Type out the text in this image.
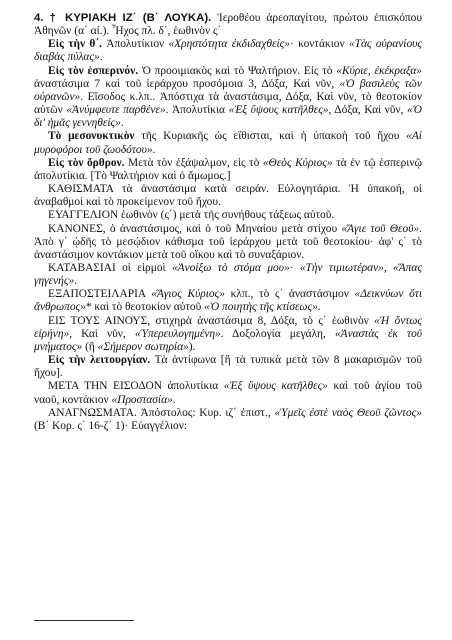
4. † ΚΥΡΙΑΚΗ ΙΖ΄ (Β΄ ΛΟΥΚΑ). Ἱεροθέου ἀρεοπαγίτου, πρώτου ἐπισκόπου Ἀθηνῶν (α΄ αἰ.). Ἦχος πλ. δ΄, ἑωθινὸν ς΄

Εἰς τὴν θ΄. Ἀπολυτίκιον «Χρηστότητα ἐκδιδαχθείς»· κοντάκιον «Τὰς οὐρανίους διαβὰς πύλας».

Εἰς τὸν ἑσπερινόν. Ὁ προοιμιακὸς καὶ τὸ Ψαλτήριον. Εἰς τὸ «Κύριε, ἐκέκραξα» ἀναστάσιμα 7 καὶ τοῦ ἱεράρχου προσόμοια 3, Δόξα, Καὶ νῦν, «Ὁ βασιλεὺς τῶν οὐρανῶν». Εἴσοδος κ.λπ.. Ἀπόστιχα τὰ ἀναστάσιμα, Δόξα, Καὶ νῦν, τὸ θεοτοκίον αὐτῶν «Ἀνύμφευτε παρθένε». Ἀπολυτίκια «Ἐξ ὕψους κατῆλθες», Δόξα, Καὶ νῦν, «Ὁ δι' ἡμᾶς γεννηθείς».

Τὸ μεσονυκτικὸν τῆς Κυριακῆς ὡς εἴθισται, καὶ ἡ ὑπακοὴ τοῦ ἤχου «Αἱ μυροφόροι τοῦ ζωοδότου».

Εἰς τὸν ὄρθρον. Μετὰ τὸν ἑξάψαλμον, εἰς τὸ «Θεὸς Κύριος» τὰ ἐν τῷ ἑσπερινῷ ἀπολυτίκια. [Τὸ Ψαλτήριον καὶ ὁ ἄμωμος.]

ΚΑΘΙΣΜΑΤΑ τὰ ἀναστάσιμα κατὰ σειράν. Εὐλογητάρια. Ἡ ὑπακοή, οἱ ἀναβαθμοὶ καὶ τὸ προκείμενον τοῦ ἤχου.

ΕΥΑΓΓΕΛΙΟΝ ἑωθινὸν (ς΄) μετὰ τῆς συνήθους τάξεως αὐτοῦ.

ΚΑΝΟΝΕΣ, ὁ ἀναστάσιμος, καὶ ὁ τοῦ Μηναίου μετὰ στίχου «Ἅγιε τοῦ Θεοῦ». Ἀπὸ γ΄ ᾠδῆς τὸ μεσῴδιον κάθισμα τοῦ ἱεράρχου μετὰ τοῦ θεοτοκίου· ἀφ' ς΄ τὸ ἀναστάσιμον κοντάκιον μετὰ τοῦ οἴκου καὶ τὸ συναξάριον.

ΚΑΤΑΒΑΣΙΑΙ οἱ εἱρμοὶ «Ἀνοίξω τὸ στόμα μου»· «Τὴν τιμιωτέραν», «Ἅπας γηγενής».

ΕΞΑΠΟΣΤΕΙΛΑΡΙΑ «Ἅγιος Κύριος» κλπ., τὸ ς΄ ἀναστάσιμον «Δεικνύων ὅτι ἄνθρωπος»* καὶ τὸ θεοτοκίον αὐτοῦ «Ὁ ποιητὴς τῆς κτίσεως».

ΕΙΣ ΤΟΥΣ ΑΙΝΟΥΣ, στιχηρὰ ἀναστάσιμα 8, Δόξα, τὸ ς΄ ἑωθινὸν «Ἡ ὄντως εἰρήνη», Καὶ νῦν, «Ὑπερευλογημένη». Δοξολογία μεγάλη, «Ἀναστὰς ἐκ τοῦ μνήματος» (ἢ «Σήμερον σωτηρία»).

Εἰς τὴν λειτουργίαν. Τὰ ἀντίφωνα [ἢ τὰ τυπικὰ μετὰ τῶν 8 μακαρισμῶν τοῦ ἤχου].

ΜΕΤΑ ΤΗΝ ΕΙΣΟΔΟΝ ἀπολυτίκια «Ἐξ ὕψους κατῆλθες» καὶ τοῦ ἁγίου τοῦ ναοῦ, κοντάκιον «Προστασία».

ΑΝΑΓΝΩΣΜΑΤΑ. Ἀπόστολος: Κυρ. ιζ΄ ἐπιστ., «Ὑμεῖς ἐστὲ ναὸς Θεοῦ ζῶντος» (Β΄ Κορ. ς΄ 16-ζ΄ 1)· Εὐαγγέλιον:
